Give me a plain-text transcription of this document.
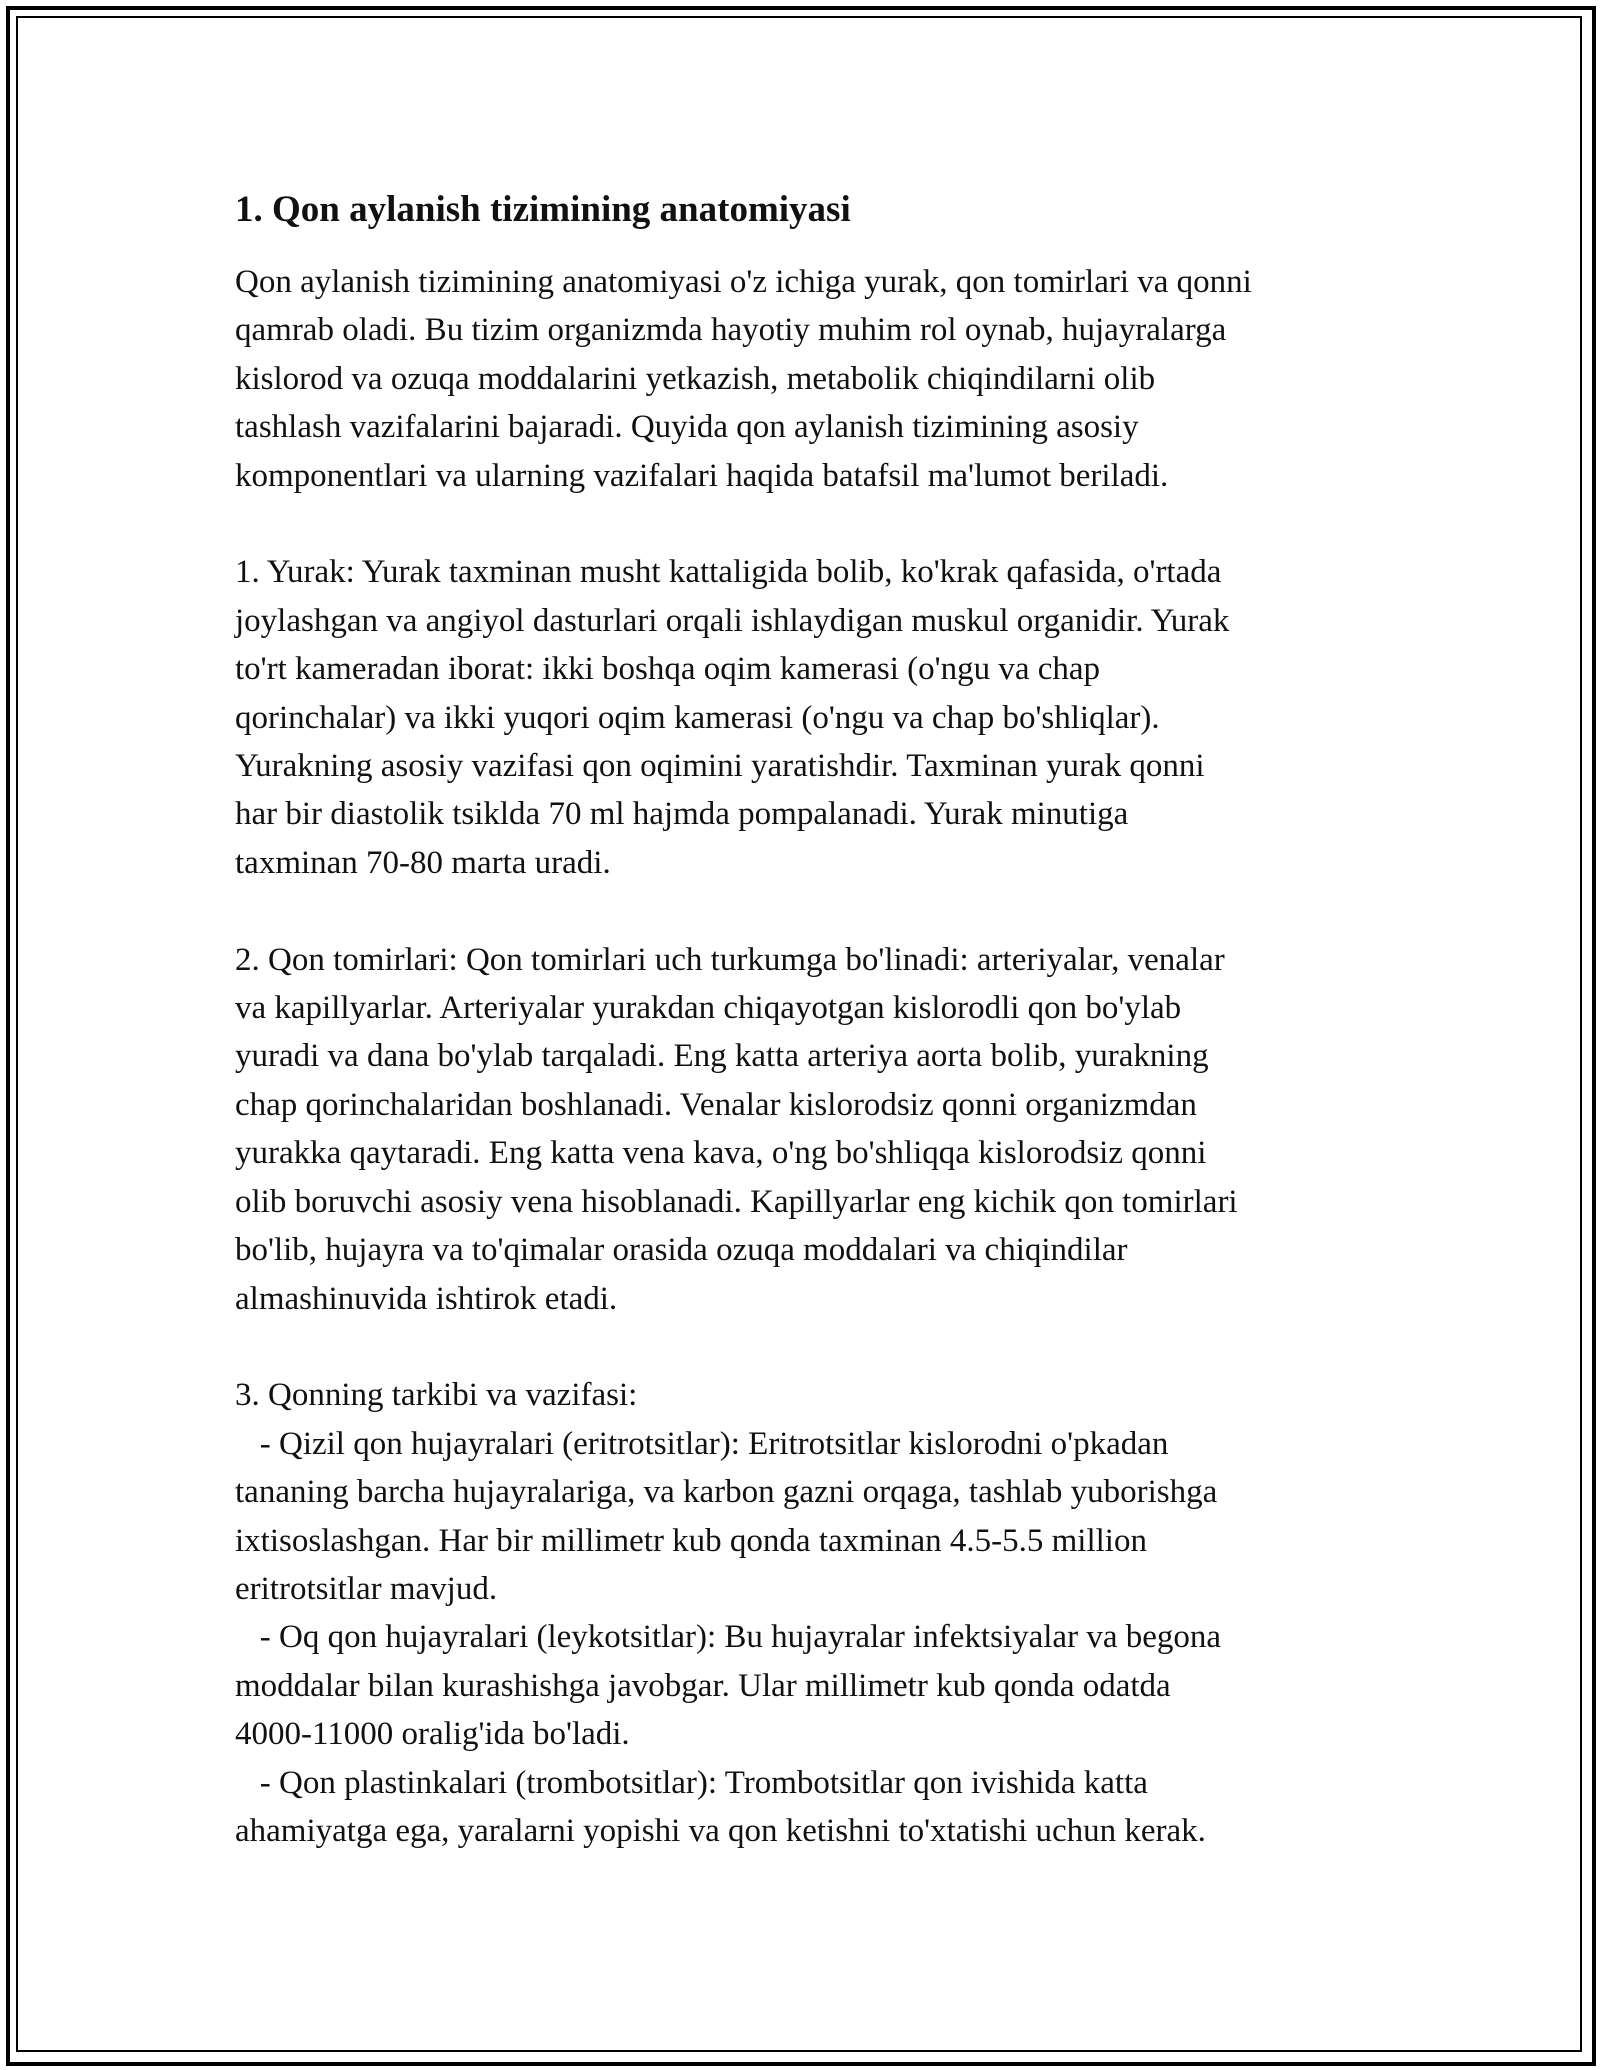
1. Qon aylanish tizimining anatomiyasi
Qon aylanish tizimining anatomiyasi o'z ichiga yurak, qon tomirlari va qonni
qamrab oladi. Bu tizim organizmda hayotiy muhim rol oynab, hujayralarga
kislorod va ozuqa moddalarini yetkazish, metabolik chiqindilarni olib
tashlash vazifalarini bajaradi. Quyida qon aylanish tizimining asosiy
komponentlari va ularning vazifalari haqida batafsil ma'lumot beriladi.
1. Yurak: Yurak taxminan musht kattaligida bolib, ko'krak qafasida, o'rtada
joylashgan va angiyol dasturlari orqali ishlaydigan muskul organidir. Yurak
to'rt kameradan iborat: ikki boshqa oqim kamerasi (o'ngu va chap
qorinchalar) va ikki yuqori oqim kamerasi (o'ngu va chap bo'shliqlar).
Yurakning asosiy vazifasi qon oqimini yaratishdir. Taxminan yurak qonni
har bir diastolik tsiklda 70 ml hajmda pompalanadi. Yurak minutiga
taxminan 70-80 marta uradi.
2. Qon tomirlari: Qon tomirlari uch turkumga bo'linadi: arteriyalar, venalar
va kapillyarlar. Arteriyalar yurakdan chiqayotgan kislorodli qon bo'ylab
yuradi va dana bo'ylab tarqaladi. Eng katta arteriya aorta bolib, yurakning
chap qorinchalaridan boshlanadi. Venalar kislorodsiz qonni organizmdan
yurakka qaytaradi. Eng katta vena kava, o'ng bo'shliqqa kislorodsiz qonni
olib boruvchi asosiy vena hisoblanadi. Kapillyarlar eng kichik qon tomirlari
bo'lib, hujayra va to'qimalar orasida ozuqa moddalari va chiqindilar
almashinuvida ishtirok etadi.
3. Qonning tarkibi va vazifasi:
- Qizil qon hujayralari (eritrotsitlar): Eritrotsitlar kislorodni o'pkadan
tananing barcha hujayralariga, va karbon gazni orqaga, tashlab yuborishga
ixtisoslashgan. Har bir millimetr kub qonda taxminan 4.5-5.5 million
eritrotsitlar mavjud.
- Oq qon hujayralari (leykotsitlar): Bu hujayralar infektsiyalar va begona
moddalar bilan kurashishga javobgar. Ular millimetr kub qonda odatda
4000-11000 oralig'ida bo'ladi.
- Qon plastinkalari (trombotsitlar): Trombotsitlar qon ivishida katta
ahamiyatga ega, yaralarni yopishi va qon ketishni to'xtatishi uchun kerak.
